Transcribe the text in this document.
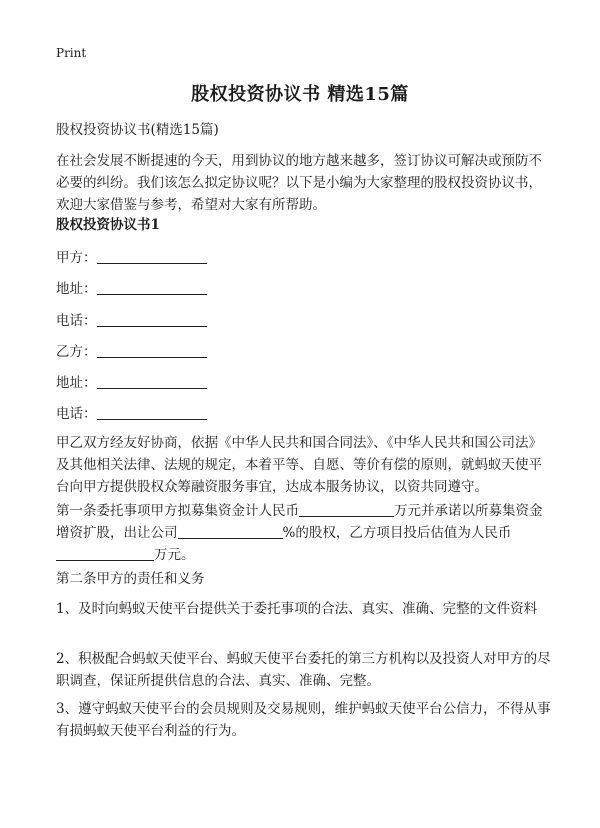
Print
股权投资协议书 精选15篇

股权投资协议书(精选15篇)

在社会发展不断提速的今天，用到协议的地方越来越多，签订协议可解决或预防不必要的纠纷。我们该怎么拟定协议呢？以下是小编为大家整理的股权投资协议书，欢迎大家借鉴与参考，希望对大家有所帮助。

股权投资协议书1

甲方：
地址：
电话：
乙方：
地址：
电话：

甲乙双方经友好协商，依据《中华人民共和国合同法》、《中华人民共和国公司法》及其他相关法律、法规的规定，本着平等、自愿、等价有偿的原则，就蚂蚁天使平台向甲方提供股权众筹融资服务事宜，达成本服务协议，以资共同遵守。

第一条委托事项甲方拟募集资金计人民币	万元并承诺以所募集资金增资扩股，出让公司	%的股权，乙方项目投后估值为人民币
万元。

第二条甲方的责任和义务

1、及时向蚂蚁天使平台提供关于委托事项的合法、真实、准确、完整的文件资料

2、积极配合蚂蚁天使平台、蚂蚁天使平台委托的第三方机构以及投资人对甲方的尽职调查，保证所提供信息的合法、真实、准确、完整。

3、遵守蚂蚁天使平台的会员规则及交易规则，维护蚂蚁天使平台公信力，不得从事有损蚂蚁天使平台利益的行为。
